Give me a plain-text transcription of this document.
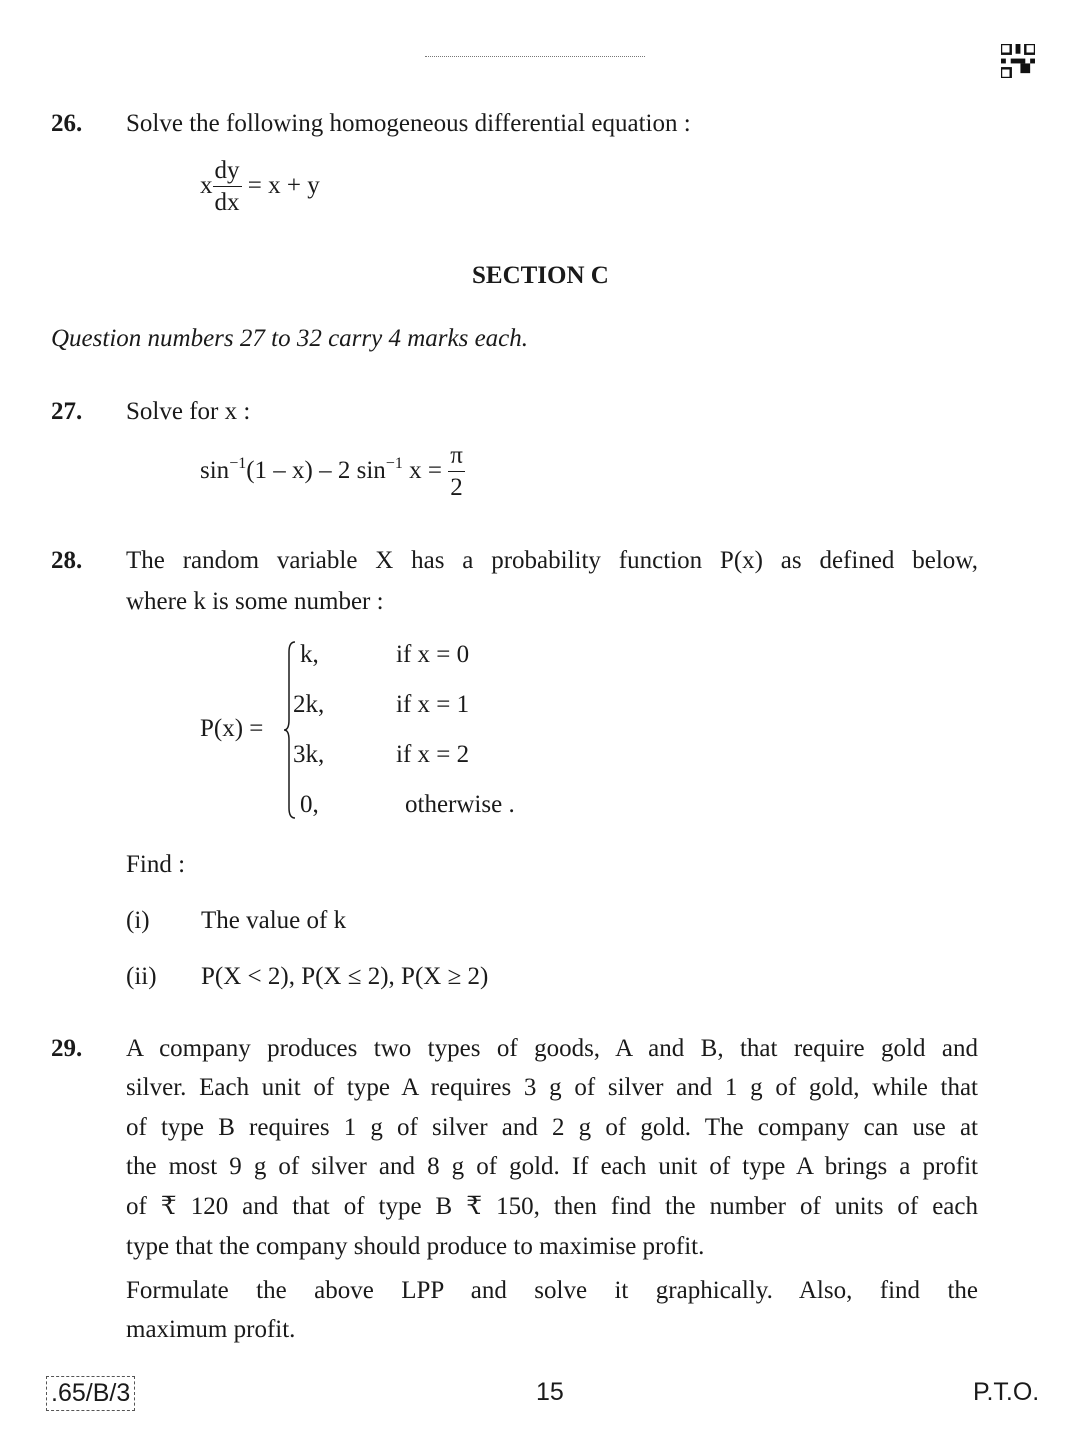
26. Solve the following homogeneous differential equation :
x $\frac{dy}{dx} = x + y$
SECTION C
Question numbers 27 to 32 carry 4 marks each.
27. Solve for x :
$\sin^{-1}(1 - x) - 2$ $\sin^{-1} x = \frac{\pi}{2}$
28. The random variable X has a probability function P(x) as defined below,
where k is some number :
P(x) =
k,	if x = 0
2k,	if x = 1
3k,	if x = 2
0,	otherwise .
Find :
(i) The value of k
(ii) P(X < 2), P(X ≤ 2), P(X ≥ 2)
29. A company produces two types of goods, A and B, that require gold and
silver. Each unit of type A requires 3 g of silver and 1 g of gold, while that
of type B requires 1 g of silver and 2 g of gold. The company can use at
the most 9 g of silver and 8 g of gold. If each unit of type A brings a profit
of ₹ 120 and that of type B ₹ 150, then find the number of units of each
type that the company should produce to maximise profit.
Formulate the above LPP and solve it graphically. Also, find the
maximum profit.
.65/B/3	15	P.T.O.
